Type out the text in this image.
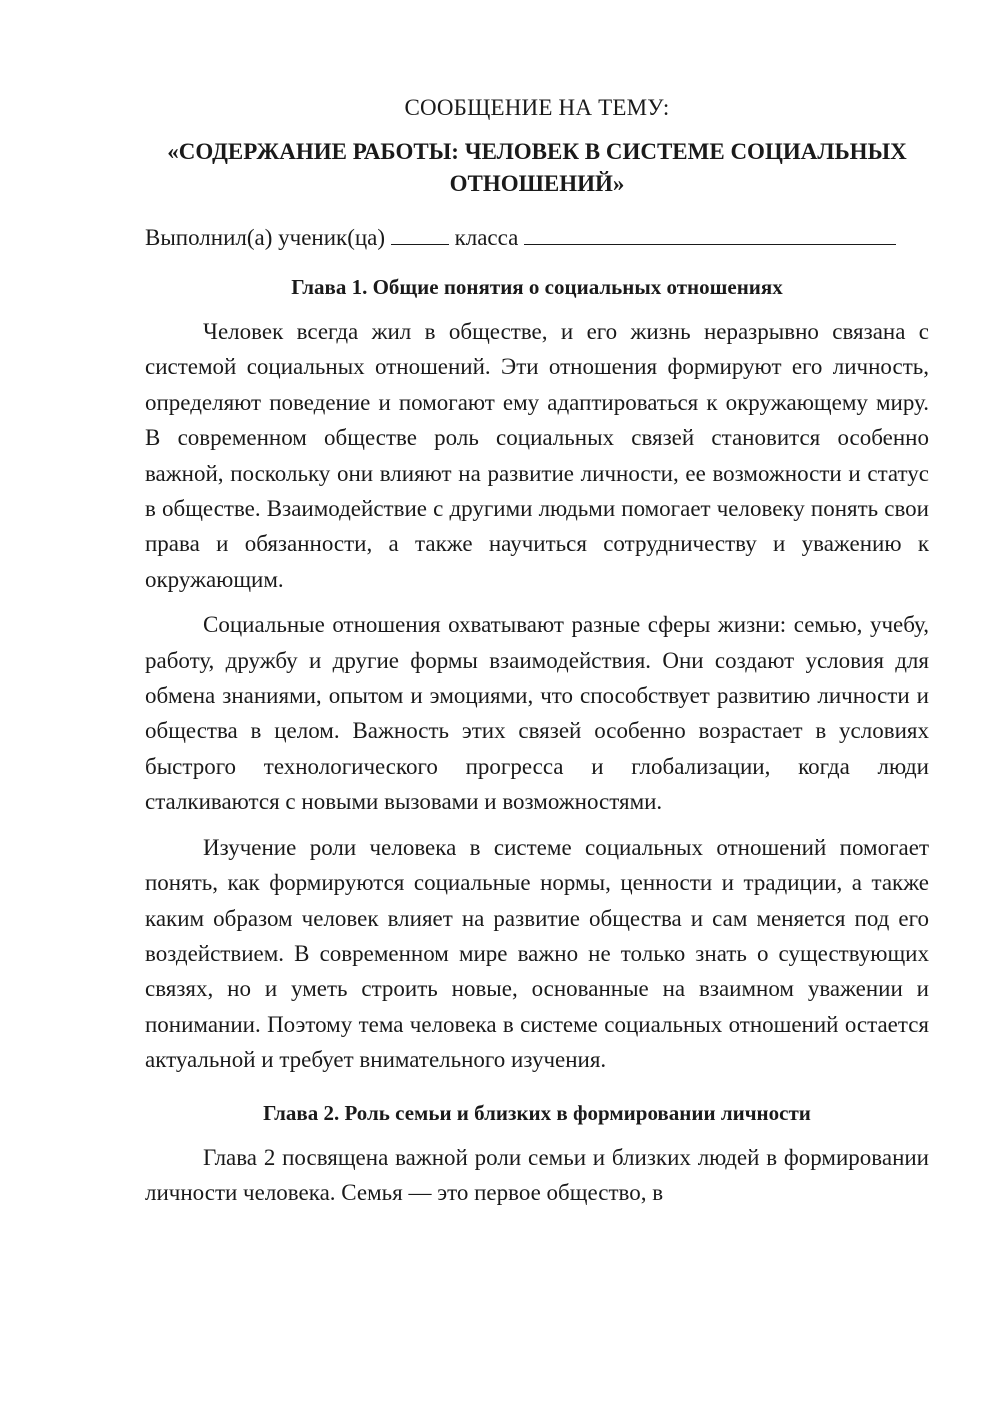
СООБЩЕНИЕ НА ТЕМУ:
«СОДЕРЖАНИЕ РАБОТЫ: ЧЕЛОВЕК В СИСТЕМЕ СОЦИАЛЬНЫХ ОТНОШЕНИЙ»
Выполнил(а) ученик(ца)	класса
Глава 1. Общие понятия о социальных отношениях

Человек всегда жил в обществе, и его жизнь неразрывно связана с системой социальных отношений. Эти отношения формируют его личность, определяют поведение и помогают ему адаптироваться к окружающему миру. В современном обществе роль социальных связей становится особенно важной, поскольку они влияют на развитие личности, ее возможности и статус в обществе. Взаимодействие с другими людьми помогает человеку понять свои права и обязанности, а также научиться сотрудничеству и уважению к окружающим.

Социальные отношения охватывают разные сферы жизни: семью, учебу, работу, дружбу и другие формы взаимодействия. Они создают условия для обмена знаниями, опытом и эмоциями, что способствует развитию личности и общества в целом. Важность этих связей особенно возрастает в условиях быстрого технологического прогресса и глобализации, когда люди сталкиваются с новыми вызовами и возможностями.

Изучение роли человека в системе социальных отношений помогает понять, как формируются социальные нормы, ценности и традиции, а также каким образом человек влияет на развитие общества и сам меняется под его воздействием. В современном мире важно не только знать о существующих связях, но и уметь строить новые, основанные на взаимном уважении и понимании. Поэтому тема человека в системе социальных отношений остается актуальной и требует внимательного изучения.

Глава 2. Роль семьи и близких в формировании личности

Глава 2 посвящена важной роли семьи и близких людей в формировании личности человека. Семья — это первое общество, в
